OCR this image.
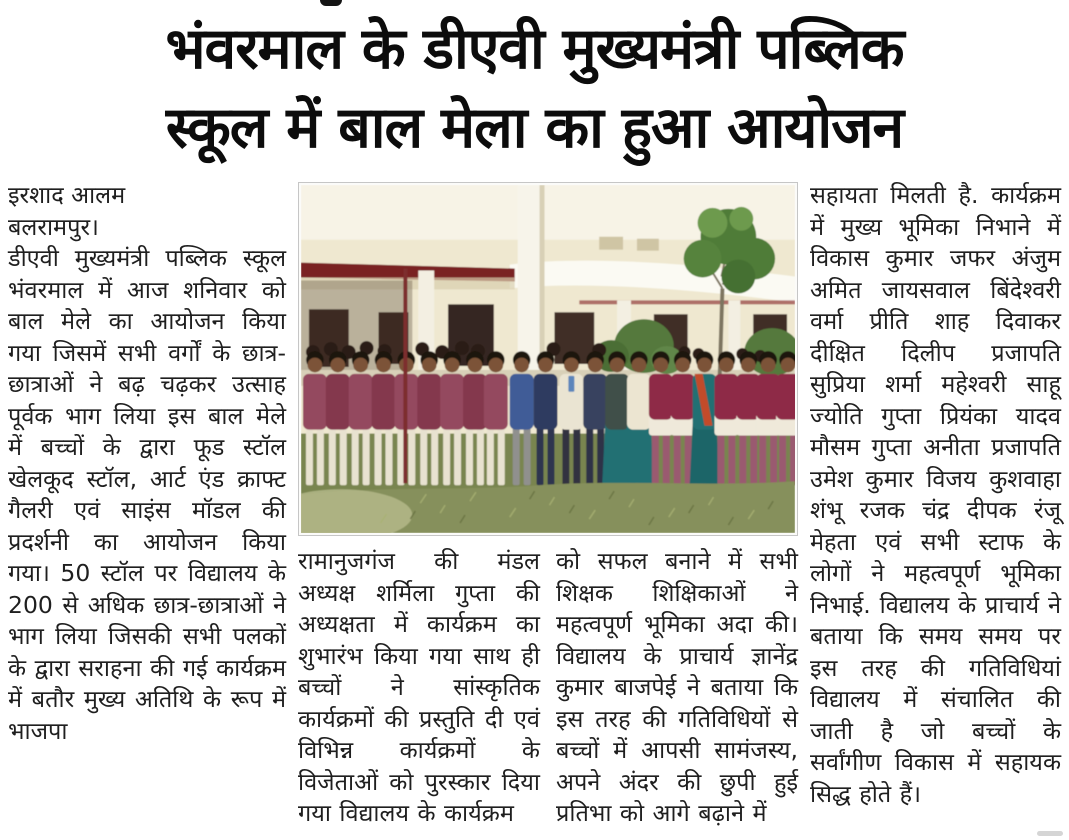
भंवरमाल के डीएवी मुख्यमंत्री पब्लिक
स्कूल में बाल मेला का हुआ आयोजन
इरशाद आलम
बलरामपुर।

डीएवी मुख्यमंत्री पब्लिक स्कूल भंवरमाल में आज शनिवार को बाल मेले का आयोजन किया गया जिसमें सभी वर्गों के छात्र-छात्राओं ने बढ़ चढ़कर उत्साह पूर्वक भाग लिया इस बाल मेले में बच्चों के द्वारा फूड स्टॉल खेलकूद स्टॉल, आर्ट एंड क्राफ्ट गैलरी एवं साइंस मॉडल की प्रदर्शनी का आयोजन किया गया। 50 स्टॉल पर विद्यालय के 200 से अधिक छात्र-छात्राओं ने भाग लिया जिसकी सभी पलकों के द्वारा सराहना की गई कार्यक्रम में बतौर मुख्य अतिथि के रूप में भाजपा

रामानुजगंज की मंडल अध्यक्ष शर्मिला गुप्ता की अध्यक्षता में कार्यक्रम का शुभारंभ किया गया साथ ही बच्चों ने सांस्कृतिक कार्यक्रमों की प्रस्तुति दी एवं विभिन्न कार्यक्रमों के विजेताओं को पुरस्कार दिया गया विद्यालय के कार्यक्रम

को सफल बनाने में सभी शिक्षक शिक्षिकाओं ने महत्वपूर्ण भूमिका अदा की। विद्यालय के प्राचार्य ज्ञानेंद्र कुमार बाजपेई ने बताया कि इस तरह की गतिविधियों से बच्चों में आपसी सामंजस्य, अपने अंदर की छुपी हुई प्रतिभा को आगे बढ़ाने में

सहायता मिलती है. कार्यक्रम में मुख्य भूमिका निभाने में विकास कुमार जफर अंजुम अमित जायसवाल बिंदेश्वरी वर्मा प्रीति शाह दिवाकर दीक्षित दिलीप प्रजापति सुप्रिया शर्मा महेश्वरी साहू ज्योति गुप्ता प्रियंका यादव मौसम गुप्ता अनीता प्रजापति उमेश कुमार विजय कुशवाहा शंभू रजक चंद्र दीपक रंजू मेहता एवं सभी स्टाफ के लोगों ने महत्वपूर्ण भूमिका निभाई. विद्यालय के प्राचार्य ने बताया कि समय समय पर इस तरह की गतिविधियां विद्यालय में संचालित की जाती है जो बच्चों के सर्वांगीण विकास में सहायक सिद्ध होते हैं।
